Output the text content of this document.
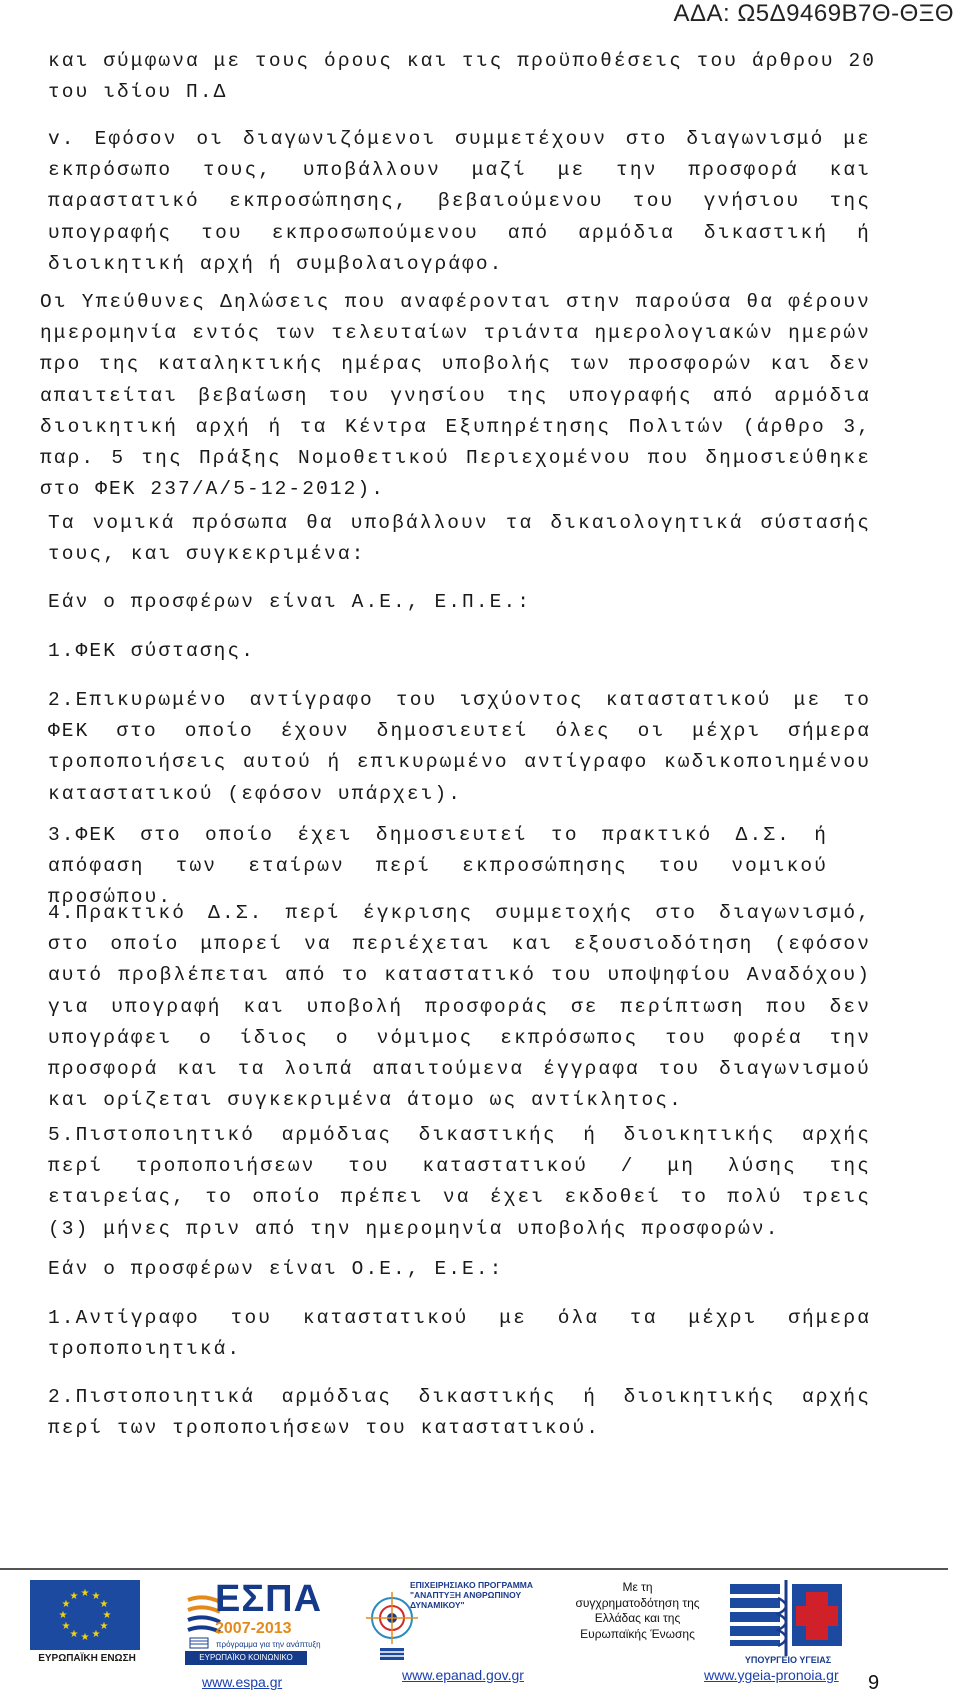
ΑΔΑ: Ω5Δ9469Β7Θ-ΘΞΘ
και σύμφωνα με τους όρους και τις προϋποθέσεις του άρθρου 20 του ιδίου Π.Δ
v. Εφόσον οι διαγωνιζόμενοι συμμετέχουν στο διαγωνισμό με εκπρόσωπο τους, υποβάλλουν μαζί με την προσφορά και παραστατικό εκπροσώπησης, βεβαιούμενου του γνήσιου της υπογραφής του εκπροσωπούμενου από αρμόδια δικαστική ή διοικητική αρχή ή συμβολαιογράφο.
Οι Υπεύθυνες Δηλώσεις που αναφέρονται στην παρούσα θα φέρουν ημερομηνία εντός των τελευταίων τριάντα ημερολογιακών ημερών προ της καταληκτικής ημέρας υποβολής των προσφορών και δεν απαιτείται βεβαίωση του γνησίου της υπογραφής από αρμόδια διοικητική αρχή ή τα Κέντρα Εξυπηρέτησης Πολιτών (άρθρο 3, παρ. 5 της Πράξης Νομοθετικού Περιεχομένου που δημοσιεύθηκε στο ΦΕΚ 237/Α/5-12-2012).
Τα νομικά πρόσωπα θα υποβάλλουν τα δικαιολογητικά σύστασής τους, και συγκεκριμένα:
Εάν ο προσφέρων είναι Α.Ε., Ε.Π.Ε.:
1.ΦΕΚ σύστασης.
2.Επικυρωμένο αντίγραφο του ισχύοντος καταστατικού με το ΦΕΚ στο οποίο έχουν δημοσιευτεί όλες οι μέχρι σήμερα τροποποιήσεις αυτού ή επικυρωμένο αντίγραφο κωδικοποιημένου καταστατικού (εφόσον υπάρχει).
3.ΦΕΚ στο οποίο έχει δημοσιευτεί το πρακτικό Δ.Σ. ή απόφαση των εταίρων περί εκπροσώπησης του νομικού προσώπου.
4.Πρακτικό Δ.Σ. περί έγκρισης συμμετοχής στο διαγωνισμό, στο οποίο μπορεί να περιέχεται και εξουσιοδότηση (εφόσον αυτό προβλέπεται από το καταστατικό του υποψηφίου Αναδόχου) για υπογραφή και υποβολή προσφοράς σε περίπτωση που δεν υπογράφει ο ίδιος ο νόμιμος εκπρόσωπος του φορέα την προσφορά και τα λοιπά απαιτούμενα έγγραφα του διαγωνισμού και ορίζεται συγκεκριμένα άτομο ως αντίκλητος.
5.Πιστοποιητικό αρμόδιας δικαστικής ή διοικητικής αρχής περί τροποποιήσεων του καταστατικού / μη λύσης της εταιρείας, το οποίο πρέπει να έχει εκδοθεί το πολύ τρεις (3) μήνες πριν από την ημερομηνία υποβολής προσφορών.
Εάν ο προσφέρων είναι Ο.Ε., Ε.Ε.:
1.Αντίγραφο του καταστατικού με όλα τα μέχρι σήμερα τροποποιητικά.
2.Πιστοποιητικά αρμόδιας δικαστικής ή διοικητικής αρχής περί των τροποποιήσεων του καταστατικού.
★ ★
★
★
★
★
★
★
★
★
★
★
ΕΥΡΩΠΑΪΚΗ ΕΝΩΣΗ
ΕΣΠΑ
2007-2013
πρόγραμμα για την ανάπτυξη
ΕΥΡΩΠΑΪΚΟ ΚΟΙΝΩΝΙΚΟ ΤΑΜΕΙΟ
ΕΠΙΧΕΙΡΗΣΙΑΚΟ ΠΡΟΓΡΑΜΜΑ "ΑΝΑΠΤΥΞΗ ΑΝΘΡΩΠΙΝΟΥ ΔΥΝΑΜΙΚΟΥ"
Με τη συγχρηματοδότηση της Ελλάδας και της Ευρωπαϊκής Ένωσης
ΥΠΟΥΡΓΕΙΟ ΥΓΕΙΑΣ
www.espa.gr	www.epanad.gov.gr	www.ygeia-pronoia.gr 9
